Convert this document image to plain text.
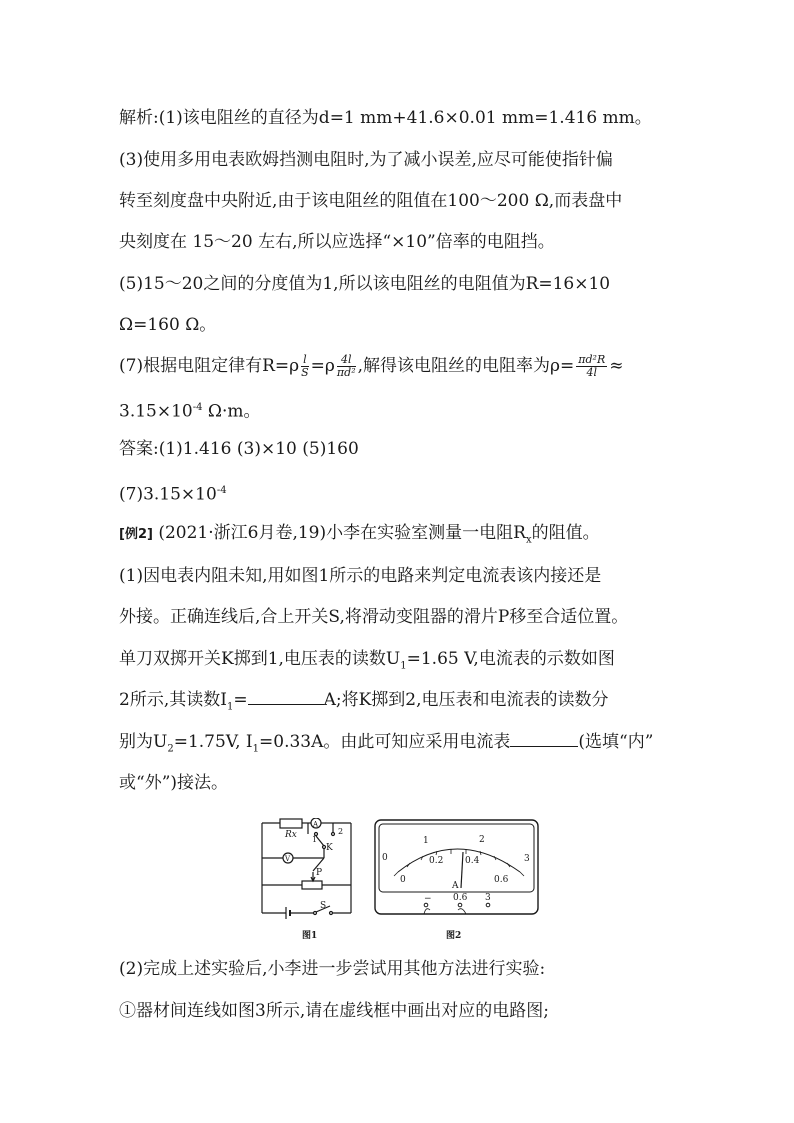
解析:(1)该电阻丝的直径为d=1 mm+41.6×0.01 mm=1.416 mm。
(3)使用多用电表欧姆挡测电阻时,为了减小误差,应尽可能使指针偏
转至刻度盘中央附近,由于该电阻丝的阻值在100～200 Ω,而表盘中
央刻度在 15～20 左右,所以应选择“×10”倍率的电阻挡。
(5)15～20之间的分度值为1,所以该电阻丝的电阻值为R=16×10
Ω=160 Ω。
(7)根据电阻定律有$R=\rho \frac{l}{S} =\rho \frac{4l}{\text{πd²}}$ ,解得该电阻丝的电阻率为$\rho= \frac{\text{πd²R}}{4l}$ ≈
$3.15\times 10^{-4}$ Ω·m。
答案:(1)1.416 (3)×10 (5)160
$(7)3.15\times 10^{-4}$
[例2] (2021·浙江6月卷,19)小李在实验室测量一电阻$R_x$的阻值。
(1)因电表内阻未知,用如图1所示的电路来判定电流表该内接还是
外接。正确连线后,合上开关S,将滑动变阻器的滑片P移至合适位置。
单刀双掷开关K掷到1,电压表的读数$U_1=1.65$ V,电流表的示数如图
2所示,其读数$I_1=$	A;将K掷到2,电压表和电流表的读数分
别为$U_2=1.75V$, $I_1=0.33A$。由此可知应采用电流表	(选填“内”
或“外”)接法。
Rx
A
V
K
P
S
1
2
图1
0
1	2
3
0
0.2 0.4
0.6
A
− 0.6 3
图2
(2)完成上述实验后,小李进一步尝试用其他方法进行实验:
①器材间连线如图3所示,请在虚线框中画出对应的电路图;
